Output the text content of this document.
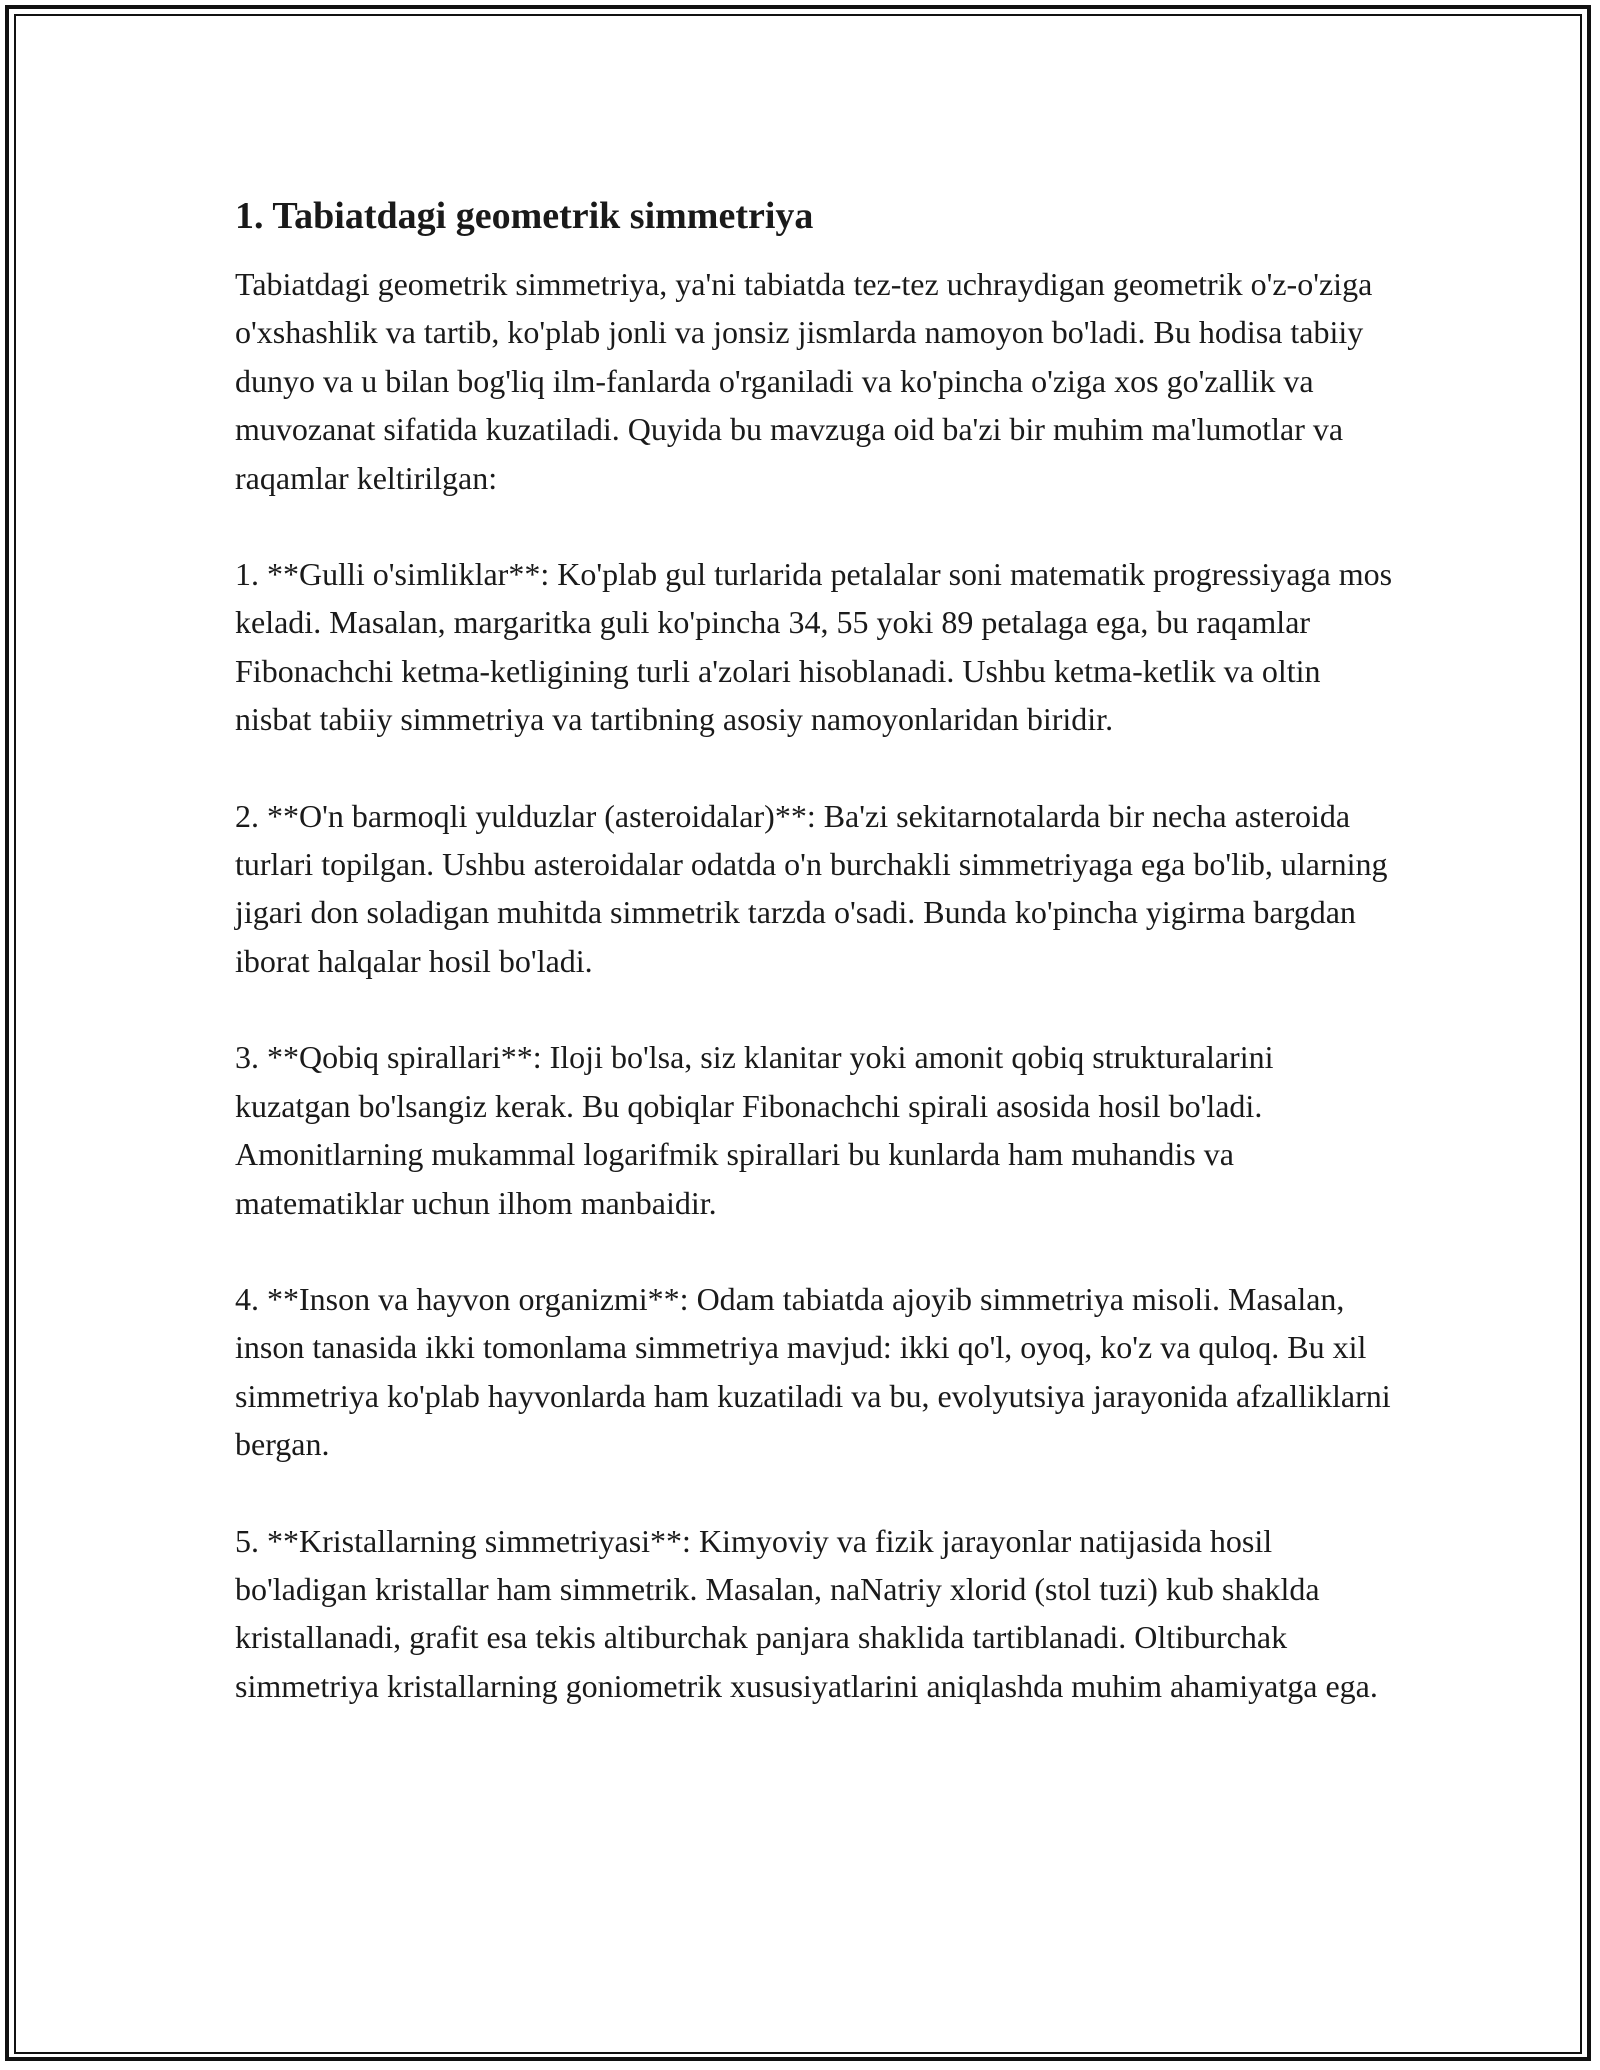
1. Tabiatdagi geometrik simmetriya

Tabiatdagi geometrik simmetriya, ya'ni tabiatda tez-tez uchraydigan geometrik o'z-o'ziga o'xshashlik va tartib, ko'plab jonli va jonsiz jismlarda namoyon bo'ladi. Bu hodisa tabiiy dunyo va u bilan bog'liq ilm-fanlarda o'rganiladi va ko'pincha o'ziga xos go'zallik va muvozanat sifatida kuzatiladi. Quyida bu mavzuga oid ba'zi bir muhim ma'lumotlar va raqamlar keltirilgan:

1. **Gulli o'simliklar**: Ko'plab gul turlarida petalalar soni matematik progressiyaga mos keladi. Masalan, margaritka guli ko'pincha 34, 55 yoki 89 petalaga ega, bu raqamlar Fibonachchi ketma-ketligining turli a'zolari hisoblanadi. Ushbu ketma-ketlik va oltin nisbat tabiiy simmetriya va tartibning asosiy namoyonlaridan biridir.

2. **O'n barmoqli yulduzlar (asteroidalar)**: Ba'zi sekitarnotalarda bir necha asteroida turlari topilgan. Ushbu asteroidalar odatda o'n burchakli simmetriyaga ega bo'lib, ularning jigari don soladigan muhitda simmetrik tarzda o'sadi. Bunda ko'pincha yigirma bargdan iborat halqalar hosil bo'ladi.

3. **Qobiq spirallari**: Iloji bo'lsa, siz klanitar yoki amonit qobiq strukturalarini kuzatgan bo'lsangiz kerak. Bu qobiqlar Fibonachchi spirali asosida hosil bo'ladi. Amonitlarning mukammal logarifmik spirallari bu kunlarda ham muhandis va matematiklar uchun ilhom manbaidir.

4. **Inson va hayvon organizmi**: Odam tabiatda ajoyib simmetriya misoli. Masalan, inson tanasida ikki tomonlama simmetriya mavjud: ikki qo'l, oyoq, ko'z va quloq. Bu xil simmetriya ko'plab hayvonlarda ham kuzatiladi va bu, evolyutsiya jarayonida afzalliklarni bergan.

5. **Kristallarning simmetriyasi**: Kimyoviy va fizik jarayonlar natijasida hosil bo'ladigan kristallar ham simmetrik. Masalan, naNatriy xlorid (stol tuzi) kub shaklda kristallanadi, grafit esa tekis altiburchak panjara shaklida tartiblanadi. Oltiburchak simmetriya kristallarning goniometrik xususiyatlarini aniqlashda muhim ahamiyatga ega.
